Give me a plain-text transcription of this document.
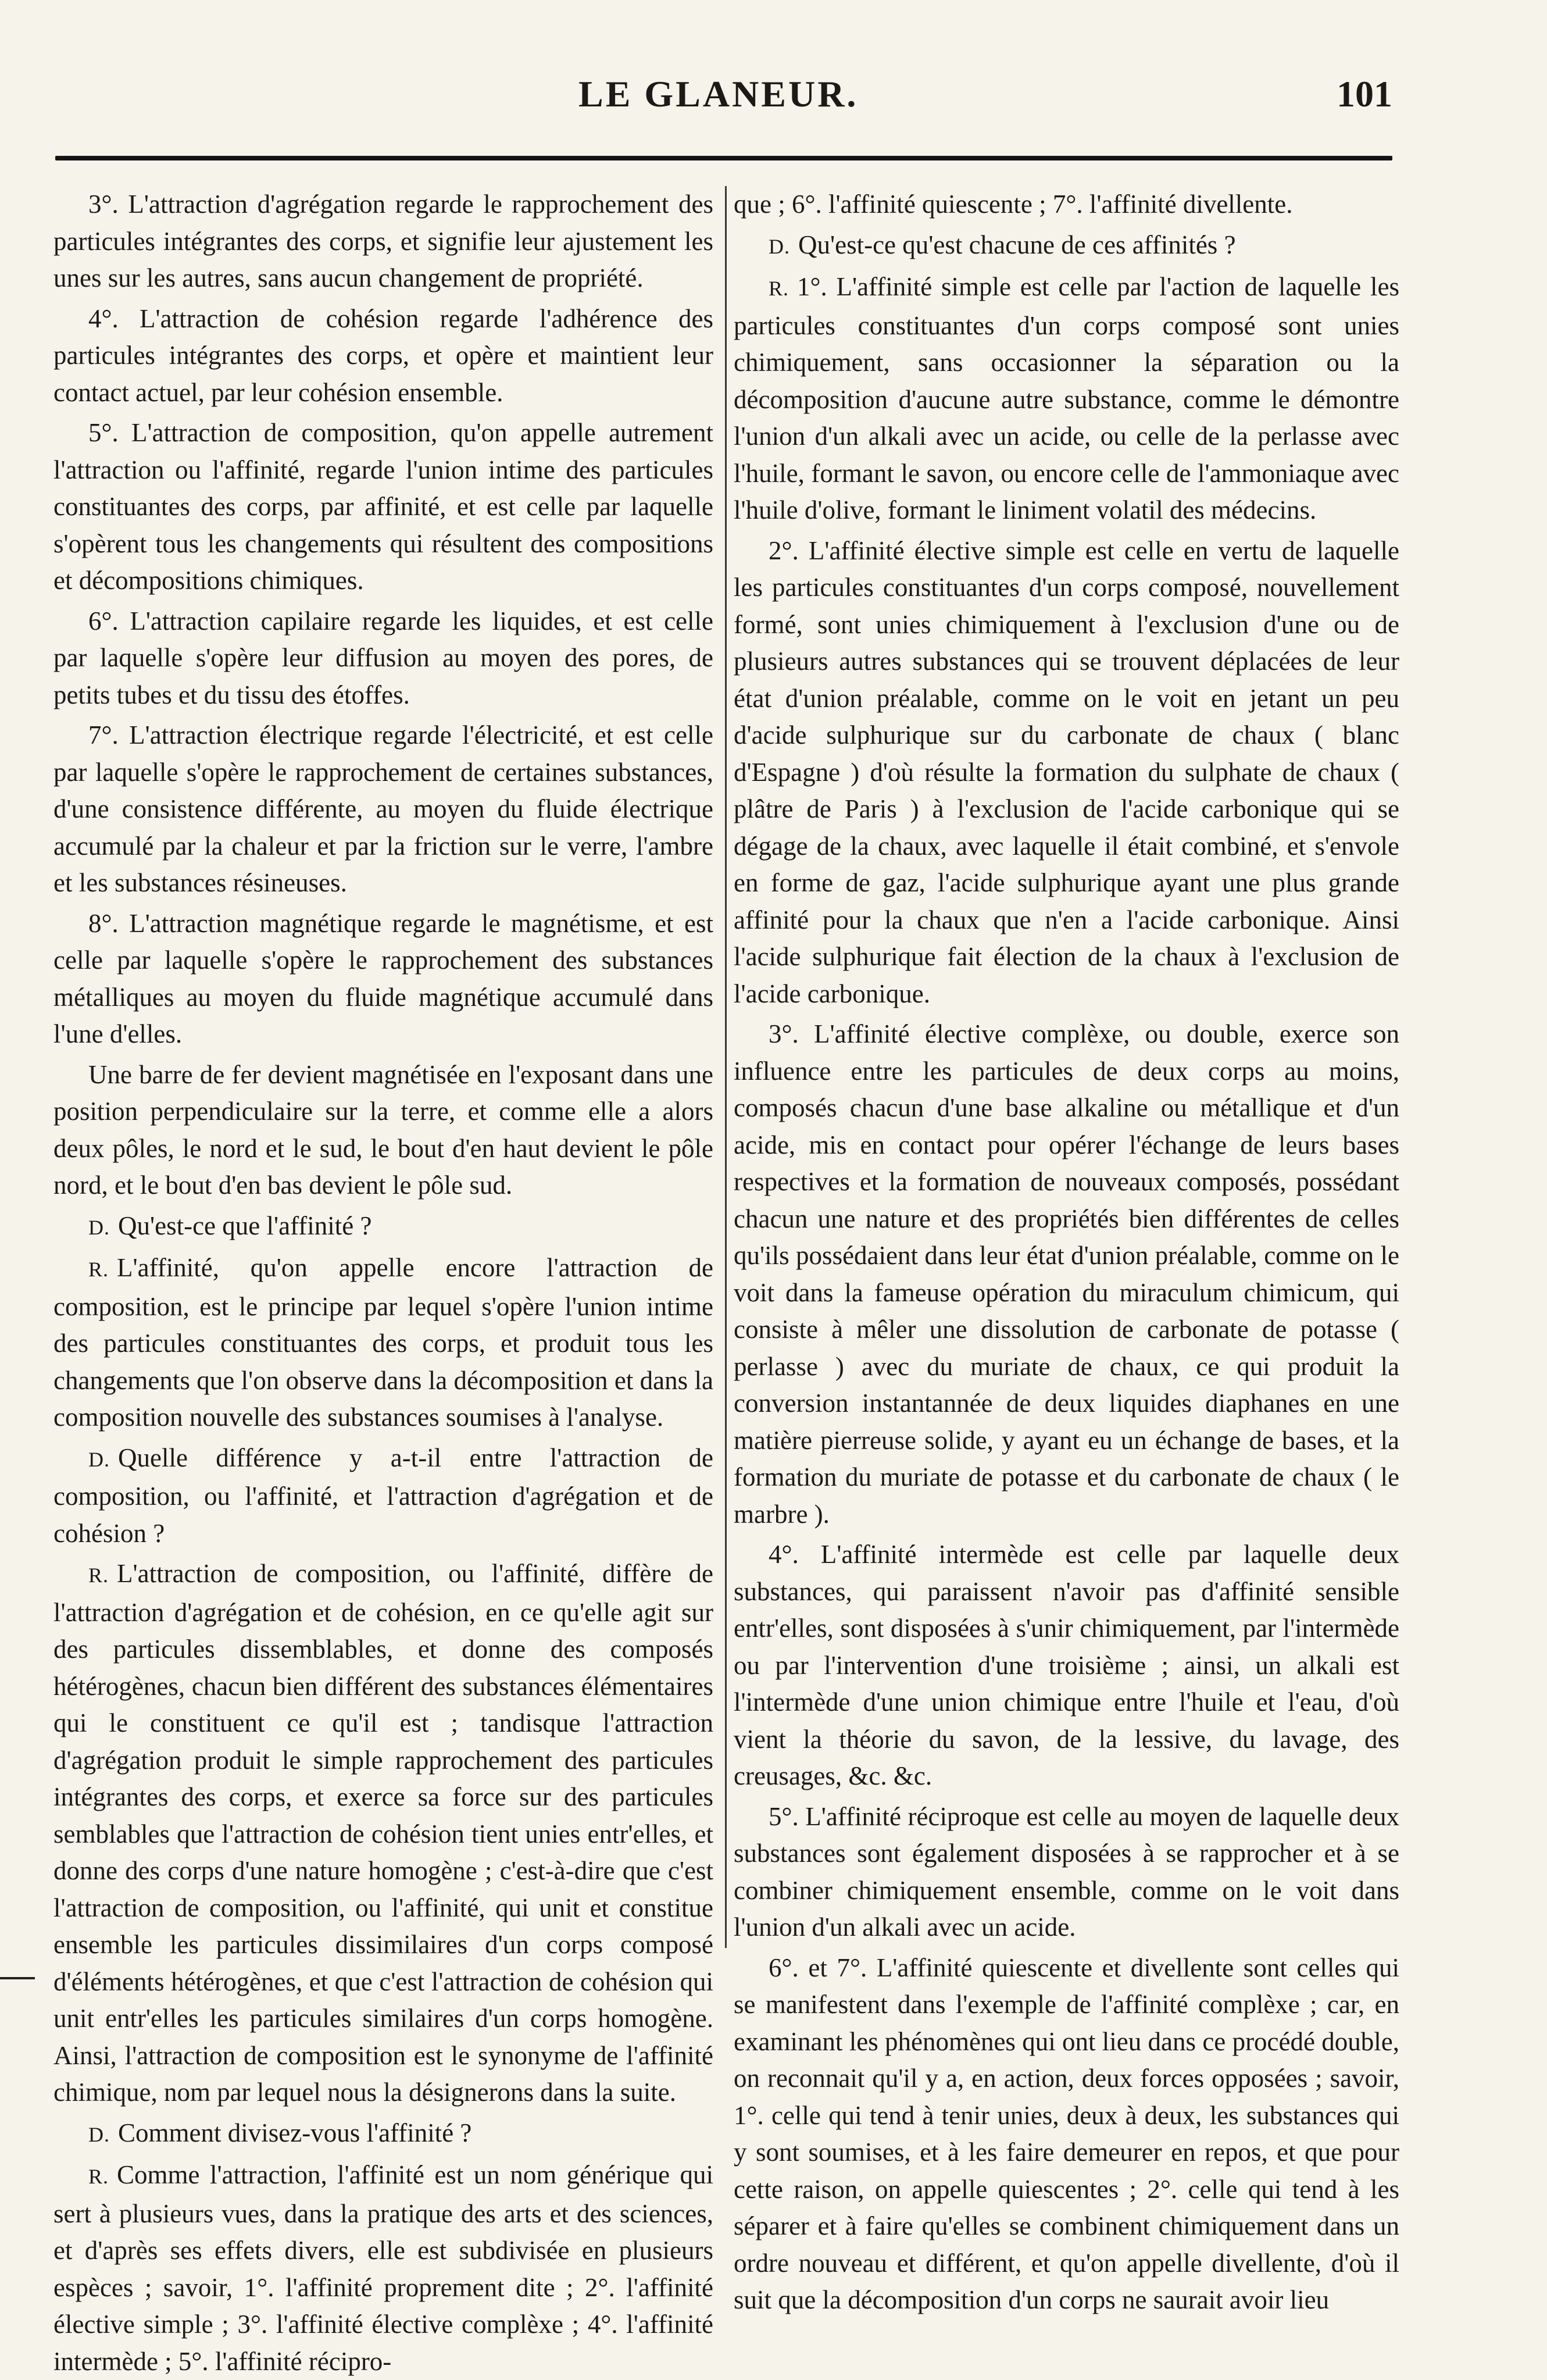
LE GLANEUR.	101

3°. L'attraction d'agrégation regarde le rapprochement des particules intégrantes des corps, et signifie leur ajustement les unes sur les autres, sans aucun changement de propriété.

4°. L'attraction de cohésion regarde l'adhérence des particules intégrantes des corps, et opère et maintient leur contact actuel, par leur cohésion ensemble.

5°. L'attraction de composition, qu'on appelle autrement l'attraction ou l'affinité, regarde l'union intime des particules constituantes des corps, par affinité, et est celle par laquelle s'opèrent tous les changements qui résultent des compositions et décompositions chimiques.

6°. L'attraction capilaire regarde les liquides, et est celle par laquelle s'opère leur diffusion au moyen des pores, de petits tubes et du tissu des étoffes.

7°. L'attraction électrique regarde l'électricité, et est celle par laquelle s'opère le rapprochement de certaines substances, d'une consistence différente, au moyen du fluide électrique accumulé par la chaleur et par la friction sur le verre, l'ambre et les substances résineuses.

8°. L'attraction magnétique regarde le magnétisme, et est celle par laquelle s'opère le rapprochement des substances métalliques au moyen du fluide magnétique accumulé dans l'une d'elles.

Une barre de fer devient magnétisée en l'exposant dans une position perpendiculaire sur la terre, et comme elle a alors deux pôles, le nord et le sud, le bout d'en haut devient le pôle nord, et le bout d'en bas devient le pôle sud.

D. Qu'est-ce que l'affinité ?

R. L'affinité, qu'on appelle encore l'attraction de composition, est le principe par lequel s'opère l'union intime des particules constituantes des corps, et produit tous les changements que l'on observe dans la décomposition et dans la composition nouvelle des substances soumises à l'analyse.

D. Quelle différence y a-t-il entre l'attraction de composition, ou l'affinité, et l'attraction d'agrégation et de cohésion ?

R. L'attraction de composition, ou l'affinité, diffère de l'attraction d'agrégation et de cohésion, en ce qu'elle agit sur des particules dissemblables, et donne des composés hétérogènes, chacun bien différent des substances élémentaires qui le constituent ce qu'il est ; tandisque l'attraction d'agrégation produit le simple rapprochement des particules intégrantes des corps, et exerce sa force sur des particules semblables que l'attraction de cohésion tient unies entr'elles, et donne des corps d'une nature homogène ; c'est-à-dire que c'est l'attraction de composition, ou l'affinité, qui unit et constitue ensemble les particules dissimilaires d'un corps composé d'éléments hétérogènes, et que c'est l'attraction de cohésion qui unit entr'elles les particules similaires d'un corps homogène. Ainsi, l'attraction de composition est le synonyme de l'affinité chimique, nom par lequel nous la désignerons dans la suite.

D. Comment divisez-vous l'affinité ?

R. Comme l'attraction, l'affinité est un nom générique qui sert à plusieurs vues, dans la pratique des arts et des sciences, et d'après ses effets divers, elle est subdivisée en plusieurs espèces ; savoir, 1°. l'affinité proprement dite ; 2°. l'affinité élective simple ; 3°. l'affinité élective complèxe ; 4°. l'affinité intermède ; 5°. l'affinité récipro-

que ; 6°. l'affinité quiescente ; 7°. l'affinité divellente.

D. Qu'est-ce qu'est chacune de ces affinités ?

R. 1°. L'affinité simple est celle par l'action de laquelle les particules constituantes d'un corps composé sont unies chimiquement, sans occasionner la séparation ou la décomposition d'aucune autre substance, comme le démontre l'union d'un alkali avec un acide, ou celle de la perlasse avec l'huile, formant le savon, ou encore celle de l'ammoniaque avec l'huile d'olive, formant le liniment volatil des médecins.

2°. L'affinité élective simple est celle en vertu de laquelle les particules constituantes d'un corps composé, nouvellement formé, sont unies chimiquement à l'exclusion d'une ou de plusieurs autres substances qui se trouvent déplacées de leur état d'union préalable, comme on le voit en jetant un peu d'acide sulphurique sur du carbonate de chaux ( blanc d'Espagne ) d'où résulte la formation du sulphate de chaux ( plâtre de Paris ) à l'exclusion de l'acide carbonique qui se dégage de la chaux, avec laquelle il était combiné, et s'envole en forme de gaz, l'acide sulphurique ayant une plus grande affinité pour la chaux que n'en a l'acide carbonique. Ainsi l'acide sulphurique fait élection de la chaux à l'exclusion de l'acide carbonique.

3°. L'affinité élective complèxe, ou double, exerce son influence entre les particules de deux corps au moins, composés chacun d'une base alkaline ou métallique et d'un acide, mis en contact pour opérer l'échange de leurs bases respectives et la formation de nouveaux composés, possédant chacun une nature et des propriétés bien différentes de celles qu'ils possédaient dans leur état d'union préalable, comme on le voit dans la fameuse opération du miraculum chimicum, qui consiste à mêler une dissolution de carbonate de potasse ( perlasse ) avec du muriate de chaux, ce qui produit la conversion instantannée de deux liquides diaphanes en une matière pierreuse solide, y ayant eu un échange de bases, et la formation du muriate de potasse et du carbonate de chaux ( le marbre ).

4°. L'affinité intermède est celle par laquelle deux substances, qui paraissent n'avoir pas d'affinité sensible entr'elles, sont disposées à s'unir chimiquement, par l'intermède ou par l'intervention d'une troisième ; ainsi, un alkali est l'intermède d'une union chimique entre l'huile et l'eau, d'où vient la théorie du savon, de la lessive, du lavage, des creusages, &c. &c.

5°. L'affinité réciproque est celle au moyen de laquelle deux substances sont également disposées à se rapprocher et à se combiner chimiquement ensemble, comme on le voit dans l'union d'un alkali avec un acide.

6°. et 7°. L'affinité quiescente et divellente sont celles qui se manifestent dans l'exemple de l'affinité complèxe ; car, en examinant les phénomènes qui ont lieu dans ce procédé double, on reconnait qu'il y a, en action, deux forces opposées ; savoir, 1°. celle qui tend à tenir unies, deux à deux, les substances qui y sont soumises, et à les faire demeurer en repos, et que pour cette raison, on appelle quiescentes ; 2°. celle qui tend à les séparer et à faire qu'elles se combinent chimiquement dans un ordre nouveau et différent, et qu'on appelle divellente, d'où il suit que la décomposition d'un corps ne saurait avoir lieu
